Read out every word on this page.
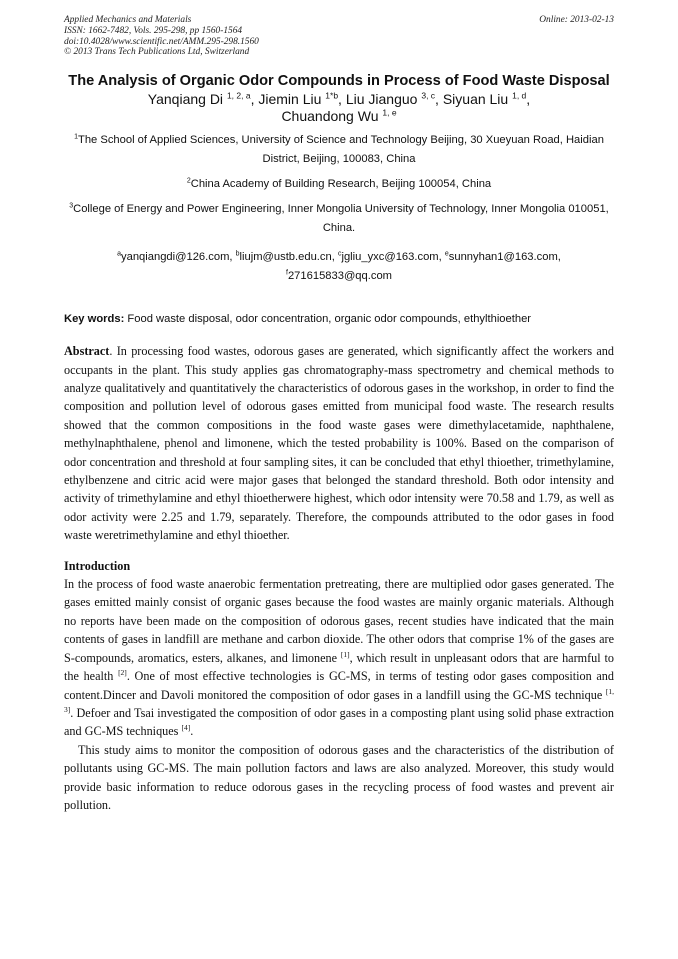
Applied Mechanics and Materials
ISSN: 1662-7482, Vols. 295-298, pp 1560-1564
doi:10.4028/www.scientific.net/AMM.295-298.1560
© 2013 Trans Tech Publications Ltd, Switzerland
Online: 2013-02-13
The Analysis of Organic Odor Compounds in Process of Food Waste Disposal
Yanqiang Di $^{1, 2, a}$, Jiemin Liu $^{1*b}$, Liu Jianguo $^{3, c}$, Siyuan Liu $^{1, d}$,
Chuandong Wu $^{1, e}$
$^1$The School of Applied Sciences, University of Science and Technology Beijing, 30 Xueyuan Road, Haidian District, Beijing, 100083, China
$^2$China Academy of Building Research, Beijing 100054, China
$^3$College of Energy and Power Engineering, Inner Mongolia University of Technology, Inner Mongolia 010051, China.
$^a$yanqiangdi@126.com, $^b$liujm@ustb.edu.cn, $^c$jgliu_yxc@163.com, $^e$sunnyhan1@163.com,
$^f$271615833@qq.com
Key words: Food waste disposal, odor concentration, organic odor compounds, ethylthioether

Abstract. In processing food wastes, odorous gases are generated, which significantly affect the workers and occupants in the plant. This study applies gas chromatography-mass spectrometry and chemical methods to analyze qualitatively and quantitatively the characteristics of odorous gases in the workshop, in order to find the composition and pollution level of odorous gases emitted from municipal food waste. The research results showed that the common compositions in the food waste gases were dimethylacetamide, naphthalene, methylnaphthalene, phenol and limonene, which the tested probability is 100%. Based on the comparison of odor concentration and threshold at four sampling sites, it can be concluded that ethyl thioether, trimethylamine, ethylbenzene and citric acid were major gases that belonged the standard threshold. Both odor intensity and activity of trimethylamine and ethyl thioetherwere highest, which odor intensity were 70.58 and 1.79, as well as odor activity were 2.25 and 1.79, separately. Therefore, the compounds attributed to the odor gases in food waste weretrimethylamine and ethyl thioether.

Introduction

In the process of food waste anaerobic fermentation pretreating, there are multiplied odor gases generated. The gases emitted mainly consist of organic gases because the food wastes are mainly organic materials. Although no reports have been made on the composition of odorous gases, recent studies have indicated that the main contents of gases in landfill are methane and carbon dioxide. The other odors that comprise 1% of the gases are S-compounds, aromatics, esters, alkanes, and limonene [1], which result in unpleasant odors that are harmful to the health [2]. One of most effective technologies is GC-MS, in terms of testing odor gases composition and content.Dincer and Davoli monitored the composition of odor gases in a landfill using the GC-MS technique [1, 3]. Defoer and Tsai investigated the composition of odor gases in a composting plant using solid phase extraction and GC-MS techniques [4].

This study aims to monitor the composition of odorous gases and the characteristics of the distribution of pollutants using GC-MS. The main pollution factors and laws are also analyzed. Moreover, this study would provide basic information to reduce odorous gases in the recycling process of food wastes and prevent air pollution.
